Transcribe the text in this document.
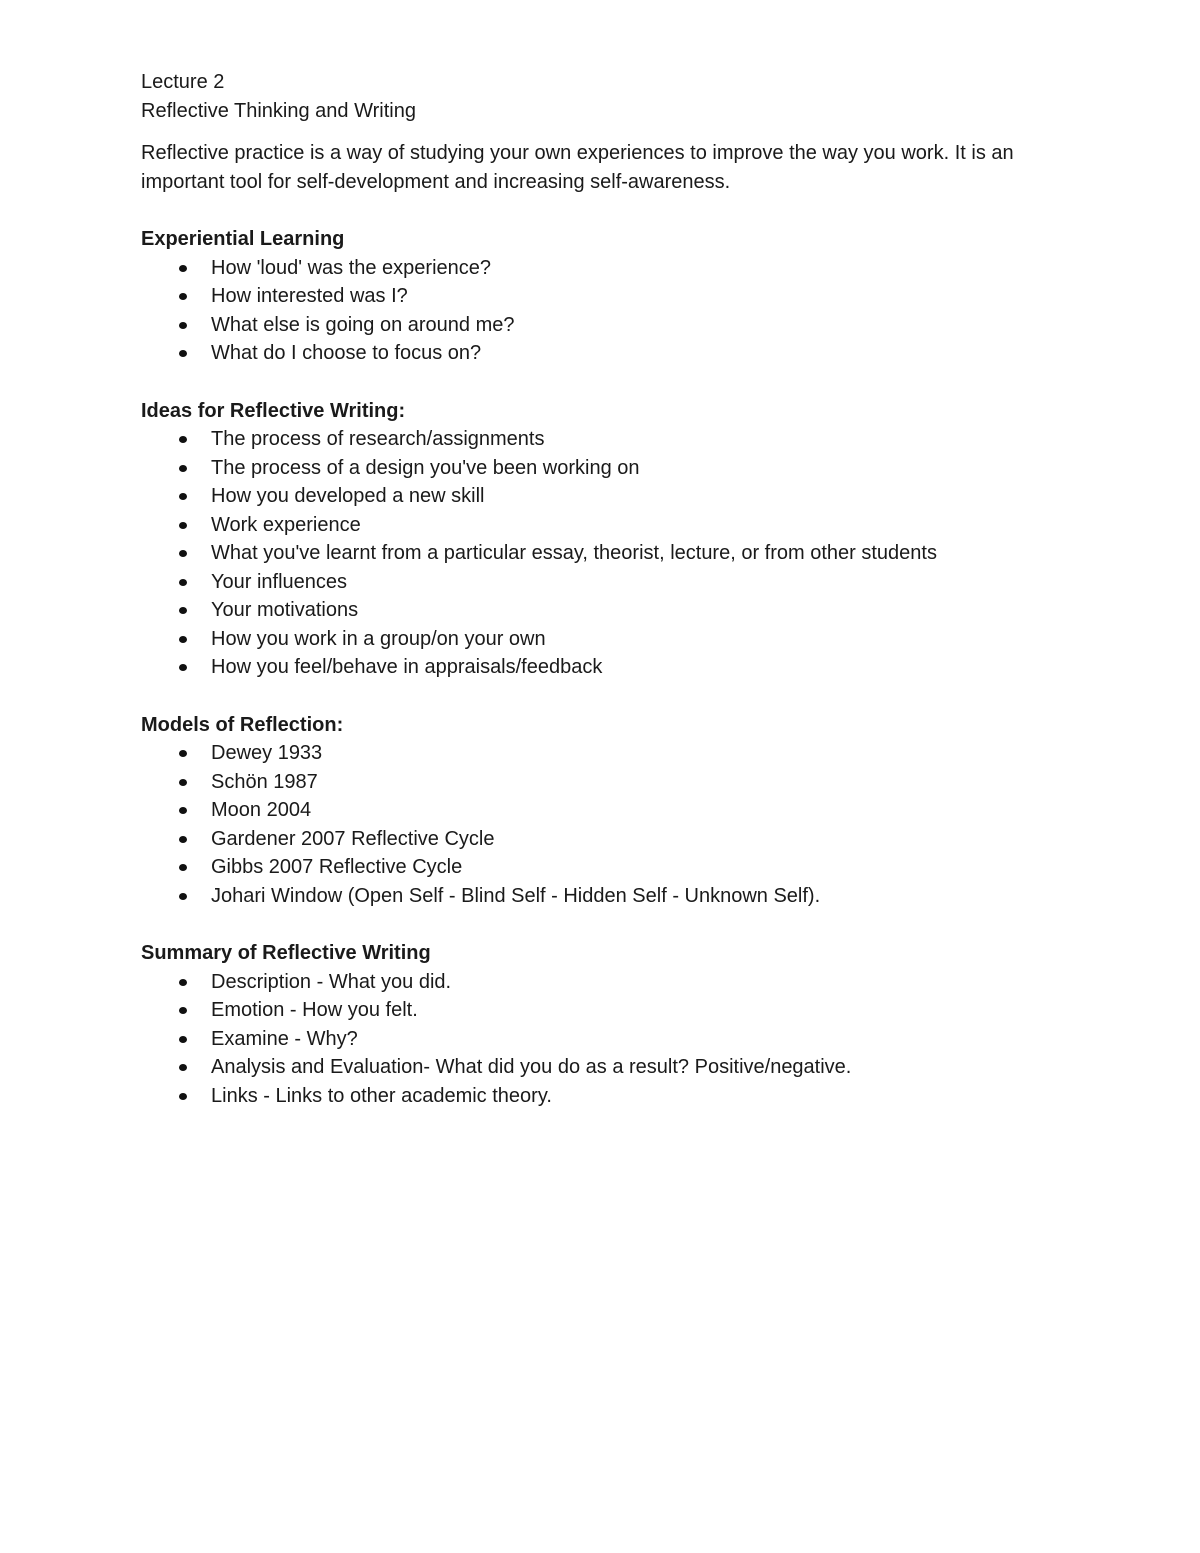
Lecture 2

Reflective Thinking and Writing

Reflective practice is a way of studying your own experiences to improve the way you work. It is an important tool for self-development and increasing self-awareness.

Experiential Learning

How 'loud' was the experience?
How interested was I?
What else is going on around me?
What do I choose to focus on?

Ideas for Reflective Writing:

The process of research/assignments
The process of a design you've been working on
How you developed a new skill
Work experience
What you've learnt from a particular essay, theorist, lecture, or from other students
Your influences
Your motivations
How you work in a group/on your own
How you feel/behave in appraisals/feedback

Models of Reflection:

Dewey 1933
Schön 1987
Moon 2004
Gardener 2007 Reflective Cycle
Gibbs 2007 Reflective Cycle
Johari Window (Open Self - Blind Self - Hidden Self - Unknown Self).

Summary of Reflective Writing

Description - What you did.
Emotion - How you felt.
Examine - Why?
Analysis and Evaluation- What did you do as a result? Positive/negative.
Links - Links to other academic theory.
